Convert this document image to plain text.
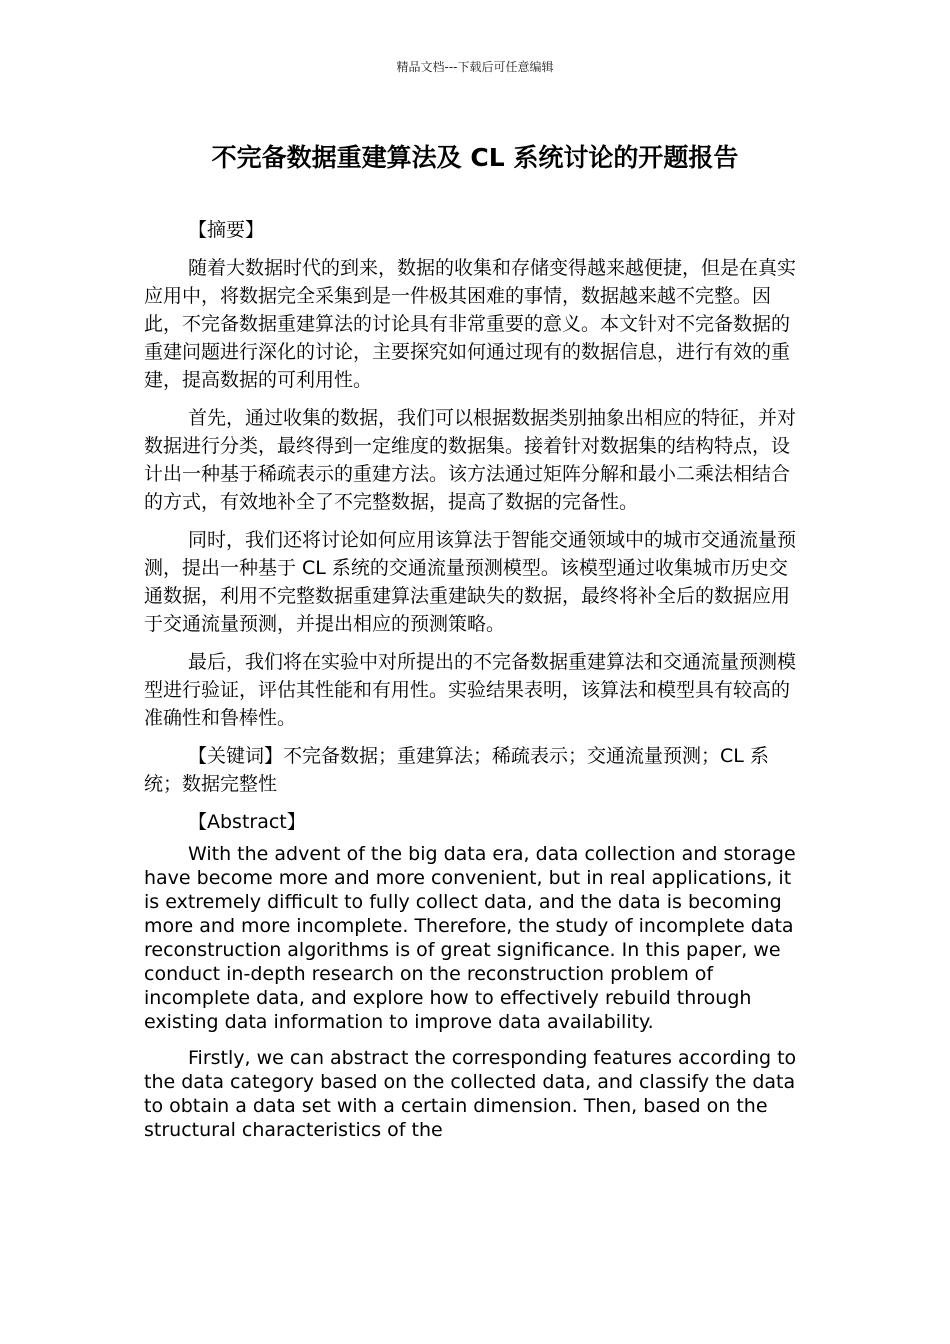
精品文档---下载后可任意编辑
不完备数据重建算法及 CL 系统讨论的开题报告

【摘要】

随着大数据时代的到来，数据的收集和存储变得越来越便捷，但是在真实应用中，将数据完全采集到是一件极其困难的事情，数据越来越不完整。因此，不完备数据重建算法的讨论具有非常重要的意义。本文针对不完备数据的重建问题进行深化的讨论，主要探究如何通过现有的数据信息，进行有效的重建，提高数据的可利用性。

首先，通过收集的数据，我们可以根据数据类别抽象出相应的特征，并对数据进行分类，最终得到一定维度的数据集。接着针对数据集的结构特点，设计出一种基于稀疏表示的重建方法。该方法通过矩阵分解和最小二乘法相结合的方式，有效地补全了不完整数据，提高了数据的完备性。

同时，我们还将讨论如何应用该算法于智能交通领域中的城市交通流量预测，提出一种基于 CL 系统的交通流量预测模型。该模型通过收集城市历史交通数据，利用不完整数据重建算法重建缺失的数据，最终将补全后的数据应用于交通流量预测，并提出相应的预测策略。

最后，我们将在实验中对所提出的不完备数据重建算法和交通流量预测模型进行验证，评估其性能和有用性。实验结果表明，该算法和模型具有较高的准确性和鲁棒性。

【关键词】不完备数据；重建算法；稀疏表示；交通流量预测；CL 系统；数据完整性

【Abstract】

With the advent of the big data era, data collection and storage have become more and more convenient, but in real applications, it is extremely difficult to fully collect data, and the data is becoming more and more incomplete. Therefore, the study of incomplete data reconstruction algorithms is of great significance. In this paper, we conduct in-depth research on the reconstruction problem of incomplete data, and explore how to effectively rebuild through existing data information to improve data availability.

Firstly, we can abstract the corresponding features according to the data category based on the collected data, and classify the data to obtain a data set with a certain dimension. Then, based on the structural characteristics of the
